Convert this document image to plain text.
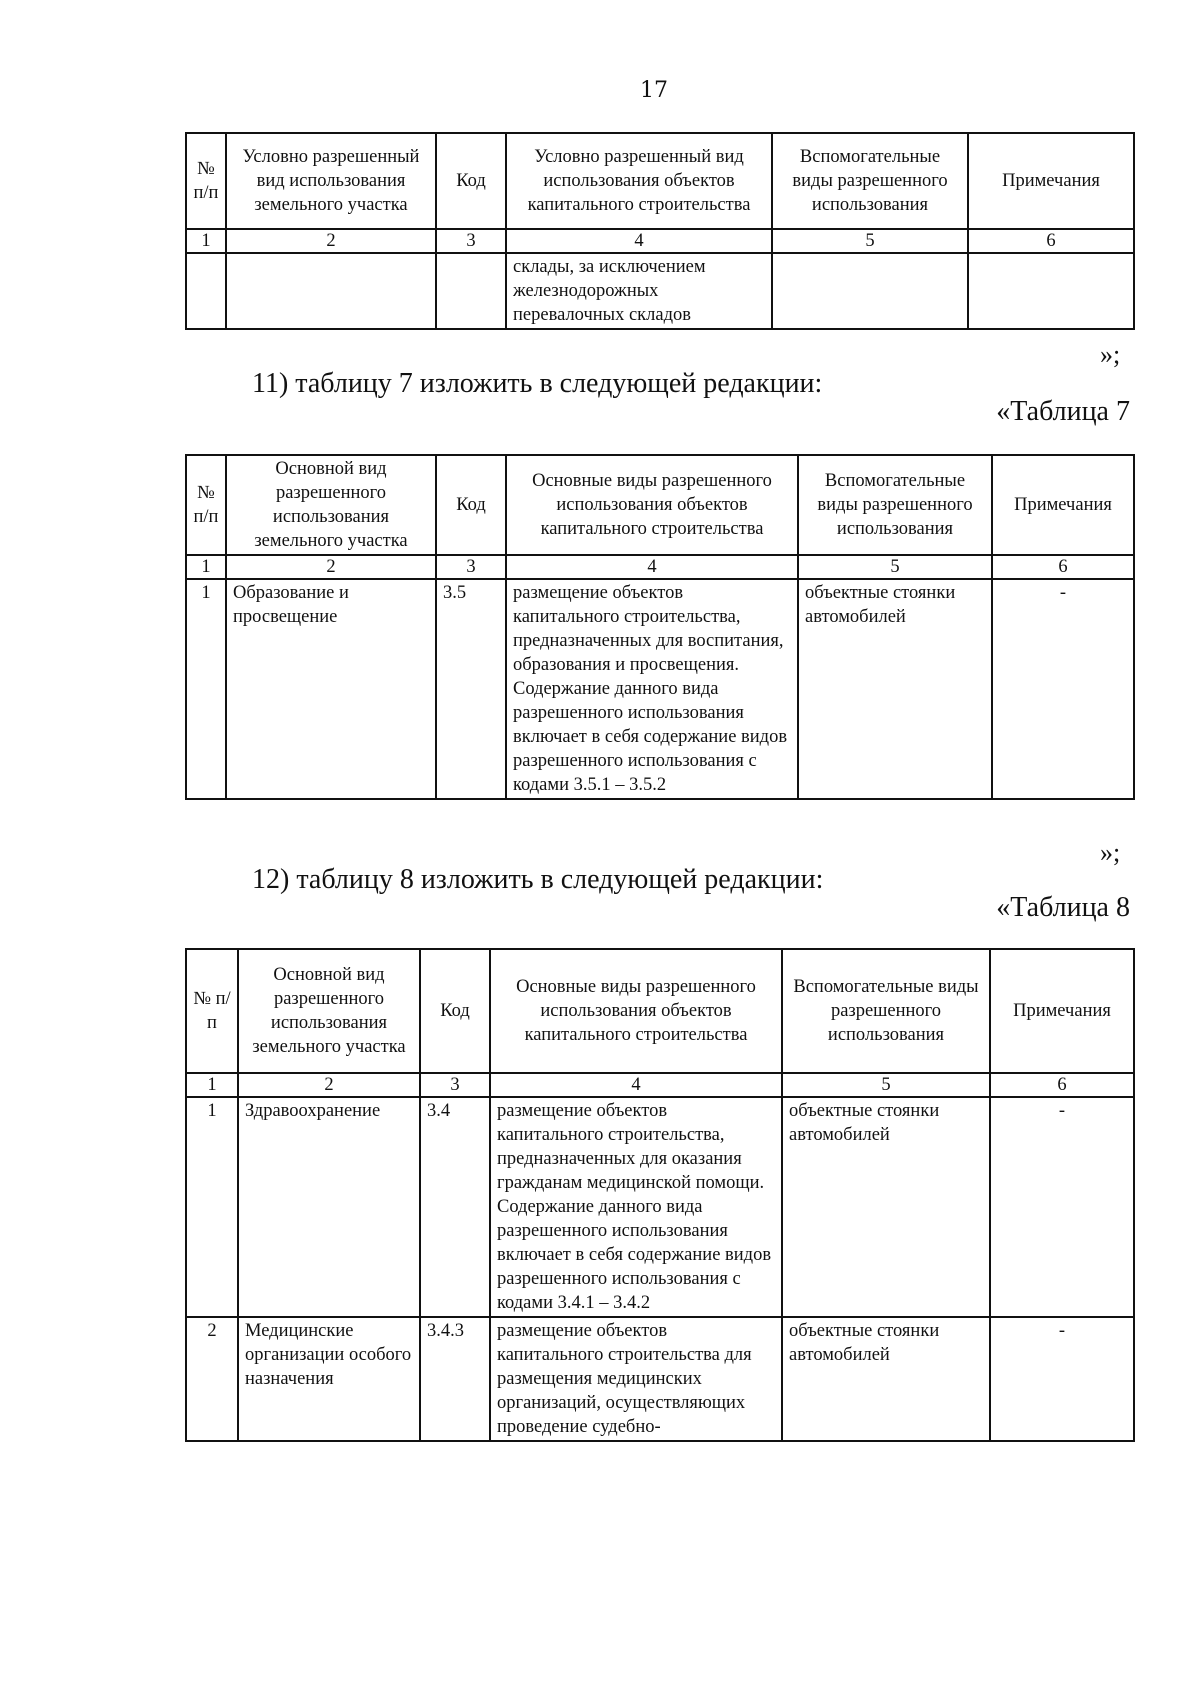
17
№ п/п	Условно разрешенный вид использования земельного участка	Код	Условно разрешенный вид использования объектов капитального строительства	Вспомогательные виды разрешенного использования	Примечания
1	2	3	4	5	6
			склады, за исключением железнодорожных перевалочных складов		
»;
11) таблицу 7 изложить в следующей редакции:
«Таблица 7
№ п/п	Основной вид разрешенного использования земельного участка	Код	Основные виды разрешенного использования объектов капитального строительства	Вспомогательные виды разрешенного использования	Примечания
1	2	3	4	5	6
1	Образование и просвещение	3.5	размещение объектов капитального строительства, предназначенных для воспитания, образования и просвещения. Содержание данного вида разрешенного использования включает в себя содержание видов разрешенного использования с кодами 3.5.1 – 3.5.2	объектные стоянки автомобилей	-
»;
12) таблицу 8 изложить в следующей редакции:
«Таблица 8
№ п/п	Основной вид разрешенного использования земельного участка	Код	Основные виды разрешенного использования объектов капитального строительства	Вспомогательные виды разрешенного использования	Примечания
1	2	3	4	5	6
1	Здравоохранение	3.4	размещение объектов капитального строительства, предназначенных для оказания гражданам медицинской помощи. Содержание данного вида разрешенного использования включает в себя содержание видов разрешенного использования с кодами 3.4.1 – 3.4.2	объектные стоянки автомобилей	-
2	Медицинские организации особого назначения	3.4.3	размещение объектов капитального строительства для размещения медицинских организаций, осуществляющих проведение судебно-	объектные стоянки автомобилей	-
